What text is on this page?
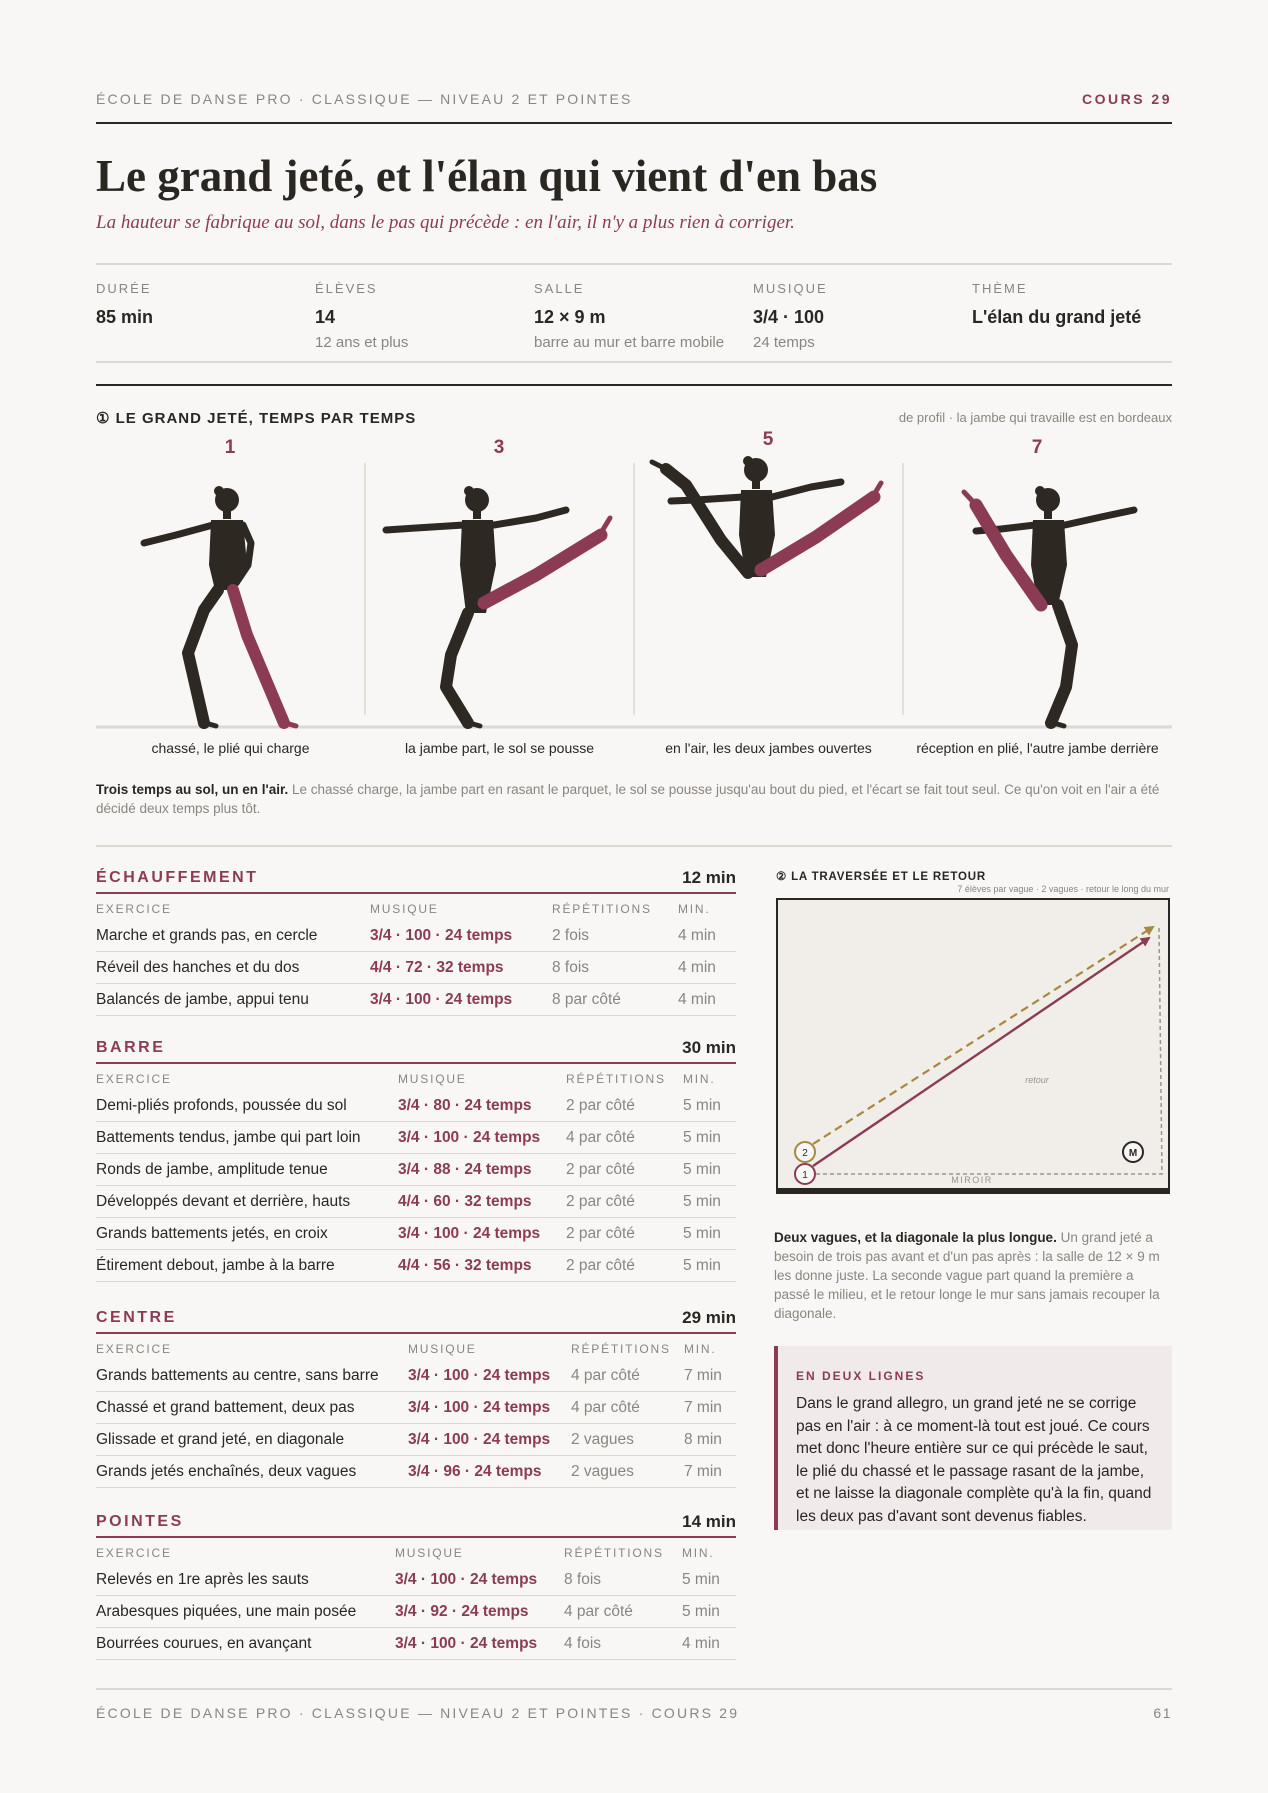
ÉCOLE DE DANSE PRO · CLASSIQUE — NIVEAU 2 ET POINTES	COURS 29
Le grand jeté, et l'élan qui vient d'en bas
La hauteur se fabrique au sol, dans le pas qui précède : en l'air, il n'y a plus rien à corriger.
DURÉE
85 min
ÉLÈVES
14
12 ans et plus
SALLE
12 × 9 m
barre au mur et barre mobile
MUSIQUE
3/4 · 100
24 temps
THÈME
L'élan du grand jeté
① LE GRAND JETÉ, TEMPS PAR TEMPS	de profil · la jambe qui travaille est en bordeaux
1	3	5	7
chassé, le plié qui charge	la jambe part, le sol se pousse	en l'air, les deux jambes ouvertes	réception en plié, l'autre jambe derrière

Trois temps au sol, un en l'air. Le chassé charge, la jambe part en rasant le parquet, le sol se pousse jusqu'au bout du pied, et l'écart se fait tout seul. Ce qu'on voit en l'air a été décidé deux temps plus tôt.

ÉCHAUFFEMENT	12 min
EXERCICE	MUSIQUE	RÉPÉTITIONS MIN.
Marche et grands pas, en cercle	3/4 · 100 · 24 temps	2 fois	4 min
Réveil des hanches et du dos	4/4 · 72 · 32 temps	8 fois	4 min
Balancés de jambe, appui tenu	3/4 · 100 · 24 temps	8 par côté	4 min
BARRE	30 min
EXERCICE	MUSIQUE	RÉPÉTITIONS MIN.
Demi-pliés profonds, poussée du sol	3/4 · 80 · 24 temps 2 par côté	5 min
Battements tendus, jambe qui part loin 3/4 · 100 · 24 temps 4 par côté	5 min
Ronds de jambe, amplitude tenue	3/4 · 88 · 24 temps 2 par côté	5 min
Développés devant et derrière, hauts	4/4 · 60 · 32 temps 2 par côté	5 min
Grands battements jetés, en croix	3/4 · 100 · 24 temps 2 par côté	5 min
Étirement debout, jambe à la barre	4/4 · 56 · 32 temps 2 par côté	5 min
CENTRE	29 min
EXERCICE	MUSIQUE	RÉPÉTITIONS MIN.
Grands battements au centre, sans barre 3/4 · 100 · 24 temps 4 par côté	7 min
Chassé et grand battement, deux pas	3/4 · 100 · 24 temps 4 par côté	7 min
Glissade et grand jeté, en diagonale	3/4 · 100 · 24 temps 2 vagues	8 min
Grands jetés enchaînés, deux vagues	3/4 · 96 · 24 temps 2 vagues	7 min
POINTES	14 min
EXERCICE	MUSIQUE	RÉPÉTITIONS MIN.
Relevés en 1re après les sauts	3/4 · 100 · 24 temps 8 fois	5 min
Arabesques piquées, une main posée	3/4 · 92 · 24 temps 4 par côté	5 min
Bourrées courues, en avançant	3/4 · 100 · 24 temps 4 fois	4 min
② LA TRAVERSÉE ET LE RETOUR
7 élèves par vague · 2 vagues · retour le long du mur
2
1
M
retour
MIROIR

Deux vagues, et la diagonale la plus longue. Un grand jeté a besoin de trois pas avant et d'un pas après : la salle de 12 × 9 m les donne juste. La seconde vague part quand la première a passé le milieu, et le retour longe le mur sans jamais recouper la diagonale.

EN DEUX LIGNES
Dans le grand allegro, un grand jeté ne se corrige pas en l'air : à ce moment-là tout est joué. Ce cours met donc l'heure entière sur ce qui précède le saut, le plié du chassé et le passage rasant de la jambe, et ne laisse la diagonale complète qu'à la fin, quand les deux pas d'avant sont devenus fiables.
ÉCOLE DE DANSE PRO · CLASSIQUE — NIVEAU 2 ET POINTES · COURS 29	61
